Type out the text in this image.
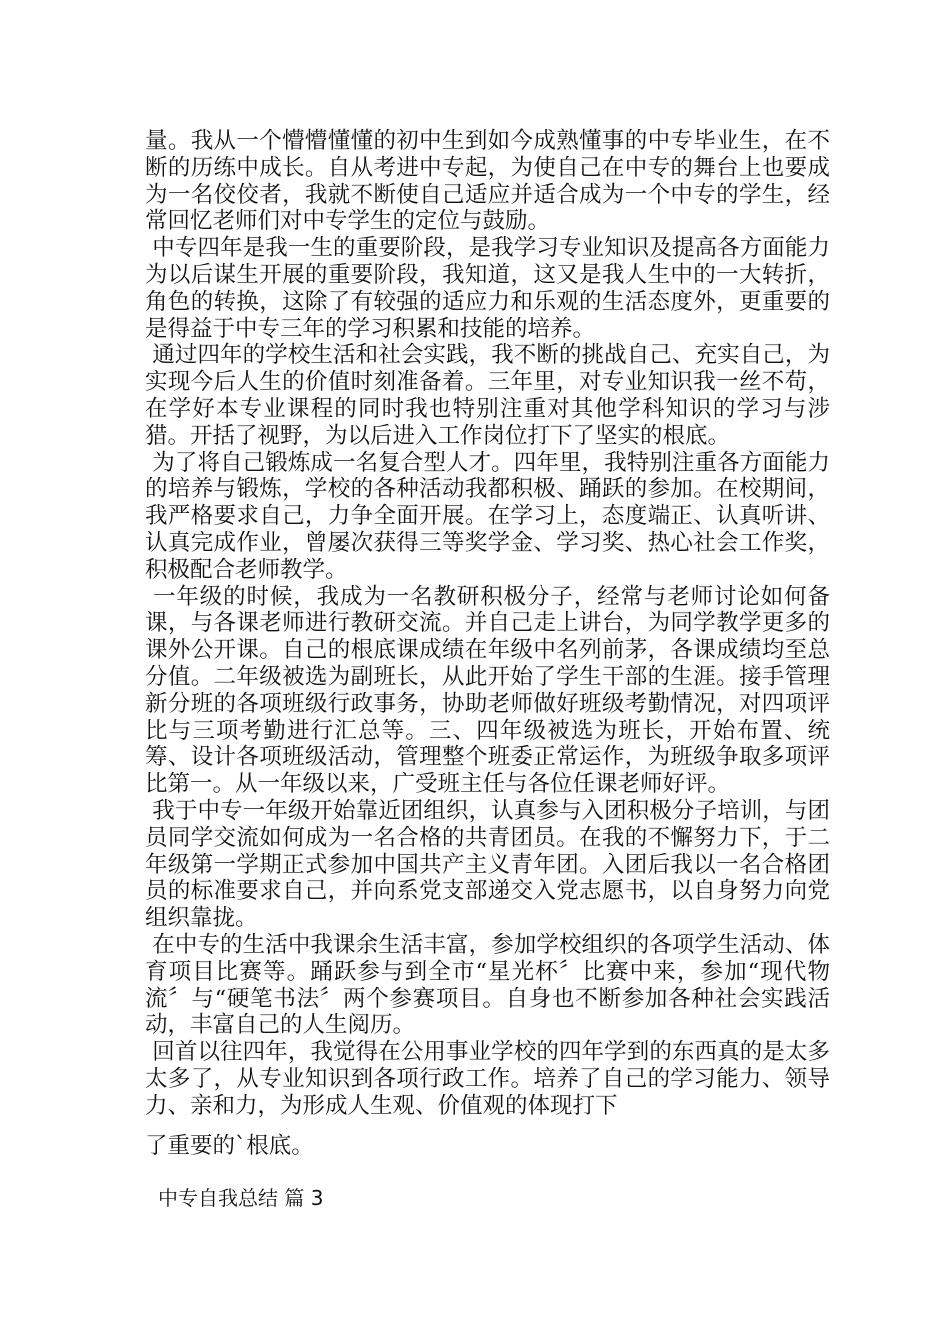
量。我从一个懵懵懂懂的初中生到如今成熟懂事的中专毕业生，在不断的历练中成长。自从考进中专起，为使自己在中专的舞台上也要成为一名佼佼者，我就不断使自己适应并适合成为一个中专的学生，经常回忆老师们对中专学生的定位与鼓励。

中专四年是我一生的重要阶段，是我学习专业知识及提高各方面能力为以后谋生开展的重要阶段，我知道，这又是我人生中的一大转折，角色的转换，这除了有较强的适应力和乐观的生活态度外，更重要的是得益于中专三年的学习积累和技能的培养。

通过四年的学校生活和社会实践，我不断的挑战自己、充实自己，为实现今后人生的价值时刻准备着。三年里，对专业知识我一丝不苟，在学好本专业课程的同时我也特别注重对其他学科知识的学习与涉猎。开括了视野，为以后进入工作岗位打下了坚实的根底。

为了将自己锻炼成一名复合型人才。四年里，我特别注重各方面能力的培养与锻炼，学校的各种活动我都积极、踊跃的参加。在校期间，我严格要求自己，力争全面开展。在学习上，态度端正、认真听讲、认真完成作业，曾屡次获得三等奖学金、学习奖、热心社会工作奖，积极配合老师教学。

一年级的时候，我成为一名教研积极分子，经常与老师讨论如何备课，与各课老师进行教研交流。并自己走上讲台，为同学教学更多的课外公开课。自己的根底课成绩在年级中名列前茅，各课成绩均至总分值。二年级被选为副班长，从此开始了学生干部的生涯。接手管理新分班的各项班级行政事务，协助老师做好班级考勤情况，对四项评比与三项考勤进行汇总等。三、四年级被选为班长，开始布置、统筹、设计各项班级活动，管理整个班委正常运作，为班级争取多项评比第一。从一年级以来，广受班主任与各位任课老师好评。

我于中专一年级开始靠近团组织，认真参与入团积极分子培训，与团员同学交流如何成为一名合格的共青团员。在我的不懈努力下，于二年级第一学期正式参加中国共产主义青年团。入团后我以一名合格团员的标准要求自己，并向系党支部递交入党志愿书，以自身努力向党组织靠拢。

在中专的生活中我课余生活丰富，参加学校组织的各项学生活动、体育项目比赛等。踊跃参与到全市“星光杯〞比赛中来，参加“现代物流〞与“硬笔书法〞两个参赛项目。自身也不断参加各种社会实践活动，丰富自己的人生阅历。

回首以往四年，我觉得在公用事业学校的四年学到的东西真的是太多太多了，从专业知识到各项行政工作。培养了自己的学习能力、领导力、亲和力，为形成人生观、价值观的体现打下

了重要的`根底。

中专自我总结 篇 3
